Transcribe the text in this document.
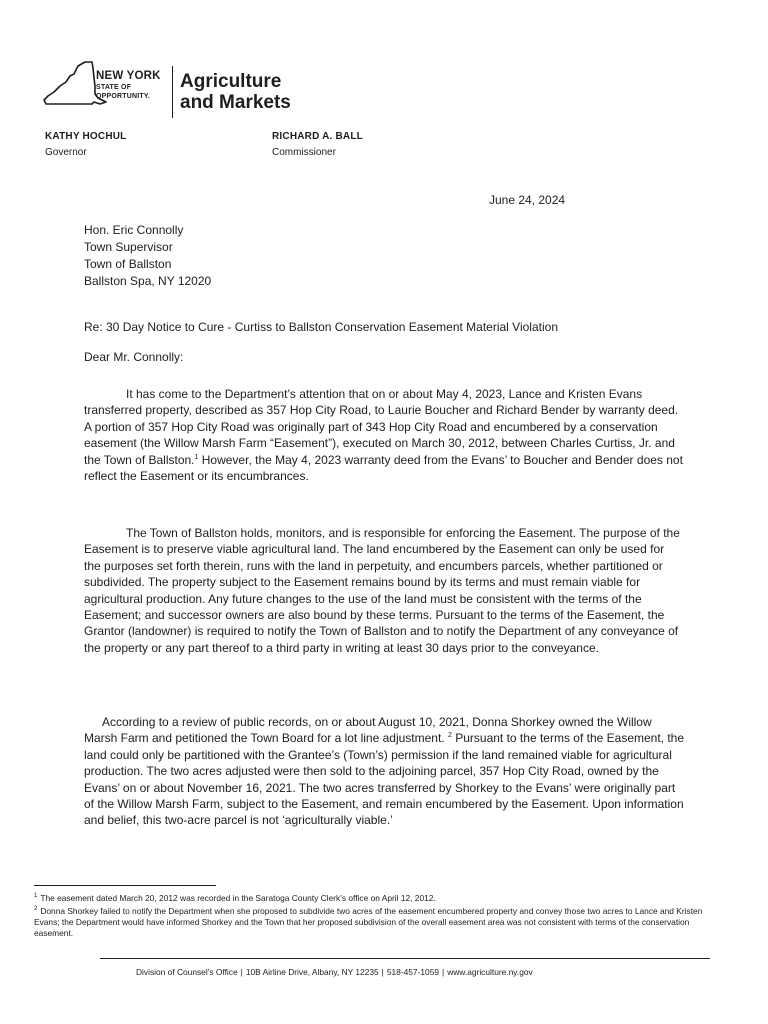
NEW YORK
STATE OF
OPPORTUNITY.
Agriculture
and Markets
KATHY HOCHUL
Governor
RICHARD A. BALL
Commissioner
June 24, 2024
Hon. Eric Connolly
Town Supervisor
Town of Ballston
Ballston Spa, NY 12020
Re: 30 Day Notice to Cure - Curtiss to Ballston Conservation Easement Material Violation
Dear Mr. Connolly:

It has come to the Department’s attention that on or about May 4, 2023, Lance and Kristen Evans transferred property, described as 357 Hop City Road, to Laurie Boucher and Richard Bender by warranty deed. A portion of 357 Hop City Road was originally part of 343 Hop City Road and encumbered by a conservation easement (the Willow Marsh Farm “Easement”), executed on March 30, 2012, between Charles Curtiss, Jr. and the Town of Ballston.$^1$ However, the May 4, 2023 warranty deed from the Evans’ to Boucher and Bender does not reflect the Easement or its encumbrances.

The Town of Ballston holds, monitors, and is responsible for enforcing the Easement. The purpose of the Easement is to preserve viable agricultural land. The land encumbered by the Easement can only be used for the purposes set forth therein, runs with the land in perpetuity, and encumbers parcels, whether partitioned or subdivided. The property subject to the Easement remains bound by its terms and must remain viable for agricultural production. Any future changes to the use of the land must be consistent with the terms of the Easement; and successor owners are also bound by these terms. Pursuant to the terms of the Easement, the Grantor (landowner) is required to notify the Town of Ballston and to notify the Department of any conveyance of the property or any part thereof to a third party in writing at least 30 days prior to the conveyance.

According to a review of public records, on or about August 10, 2021, Donna Shorkey owned the Willow Marsh Farm and petitioned the Town Board for a lot line adjustment. $^2$ Pursuant to the terms of the Easement, the land could only be partitioned with the Grantee’s (Town’s) permission if the land remained viable for agricultural production. The two acres adjusted were then sold to the adjoining parcel, 357 Hop City Road, owned by the Evans’ on or about November 16, 2021. The two acres transferred by Shorkey to the Evans’ were originally part of the Willow Marsh Farm, subject to the Easement, and remain encumbered by the Easement. Upon information and belief, this two-acre parcel is not ‘agriculturally viable.’

$^1$ The easement dated March 20, 2012 was recorded in the Saratoga County Clerk’s office on April 12, 2012.

$^2$ Donna Shorkey failed to notify the Department when she proposed to subdivide two acres of the easement encumbered property and convey those two acres to Lance and Kristen Evans; the Department would have informed Shorkey and the Town that her proposed subdivision of the overall easement area was not consistent with terms of the conservation easement.

Division of Counsel’s Office | 10B Airline Drive, Albany, NY 12235 | 518-457-1059 | www.agriculture.ny.gov
